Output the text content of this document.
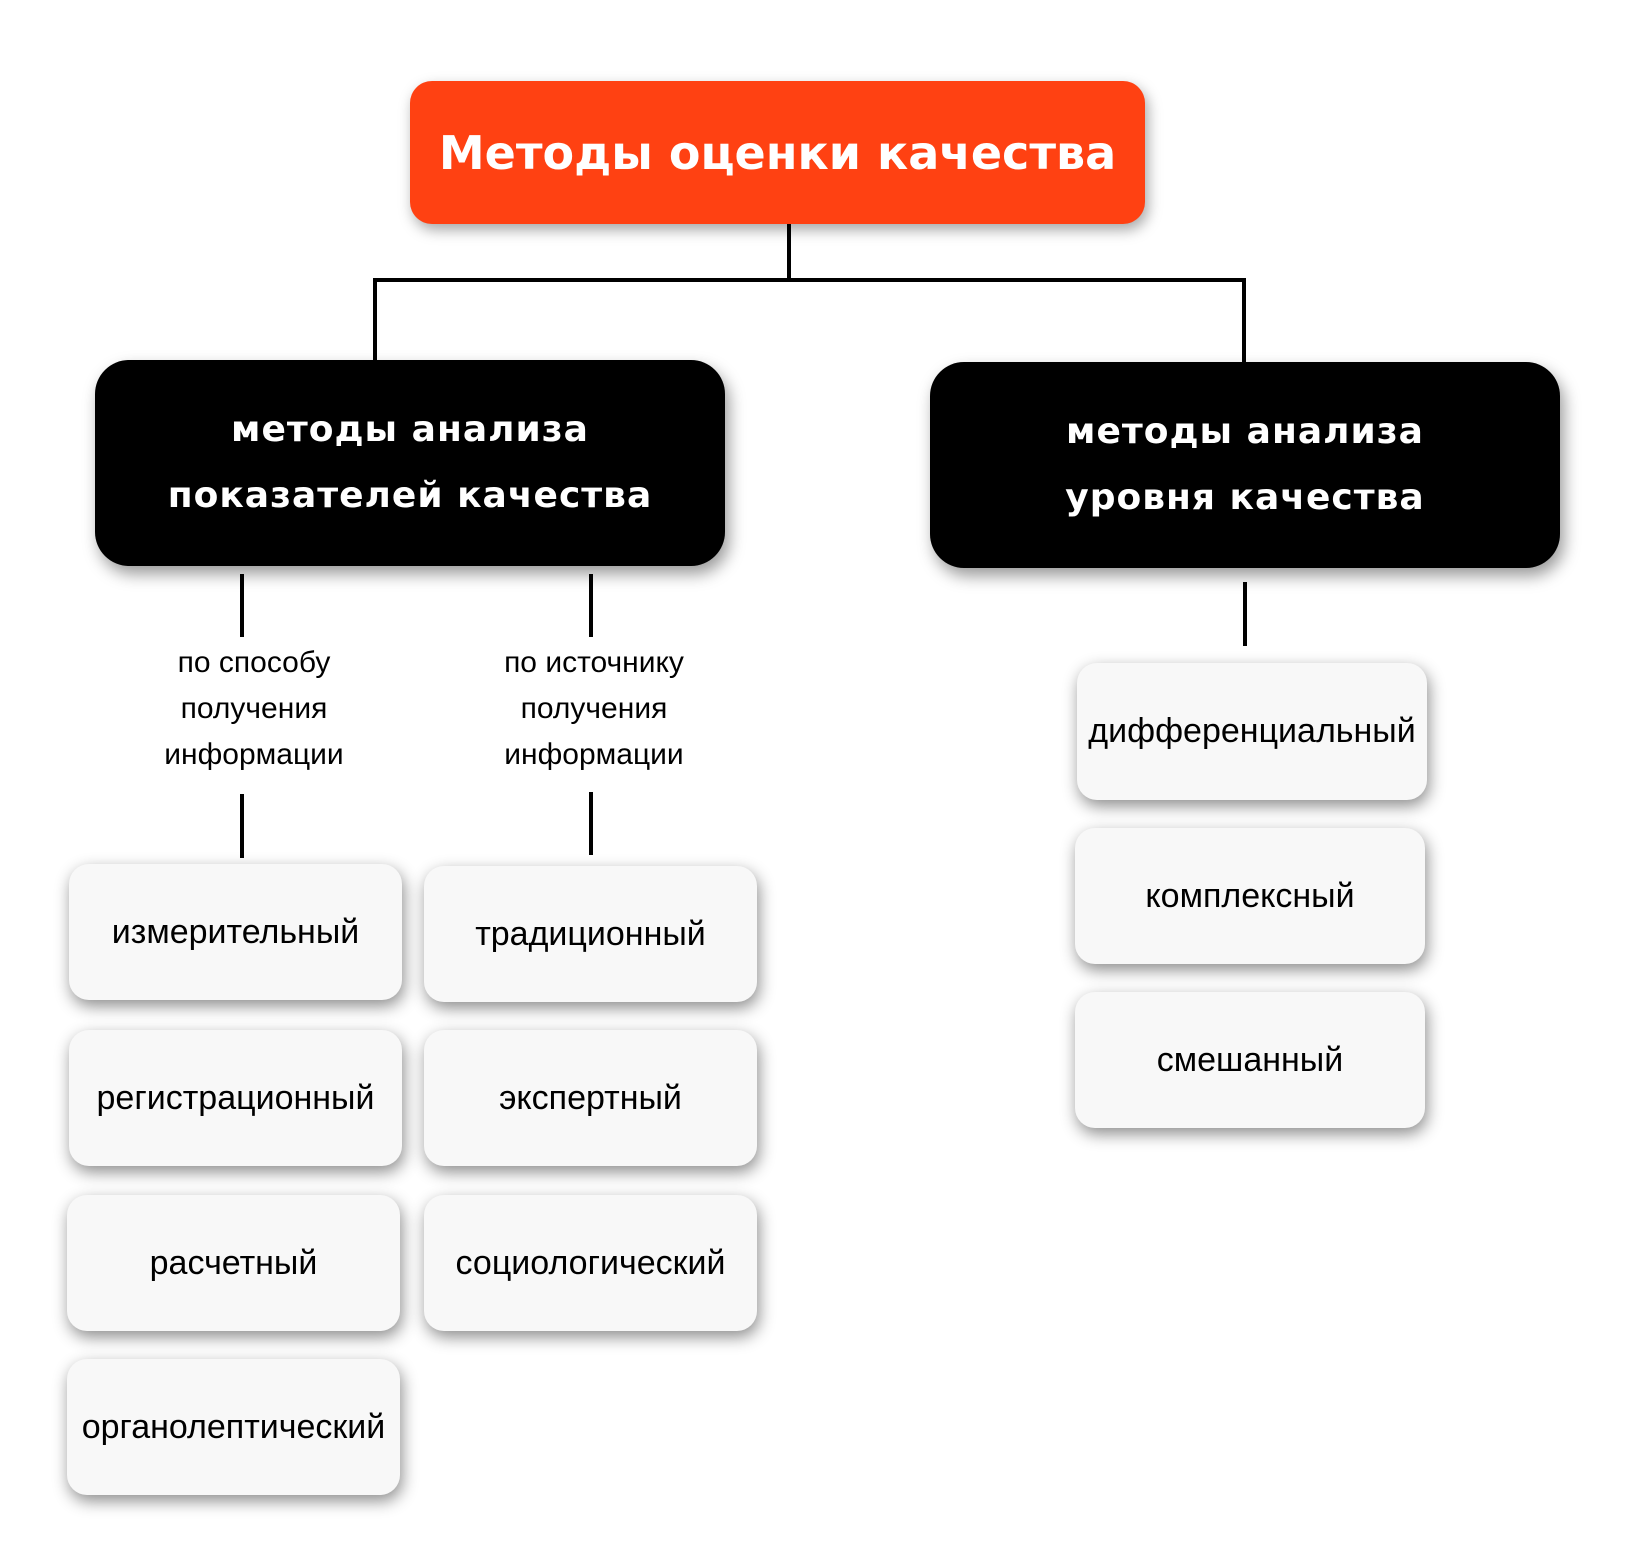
Методы оценки качества
методы анализа
показателей качества
методы анализа
уровня качества
по способу
получения
информации
по источнику
получения
информации
измерительный
регистрационный
расчетный
органолептический
традиционный
экспертный
социологический
дифференциальный
комплексный
смешанный
